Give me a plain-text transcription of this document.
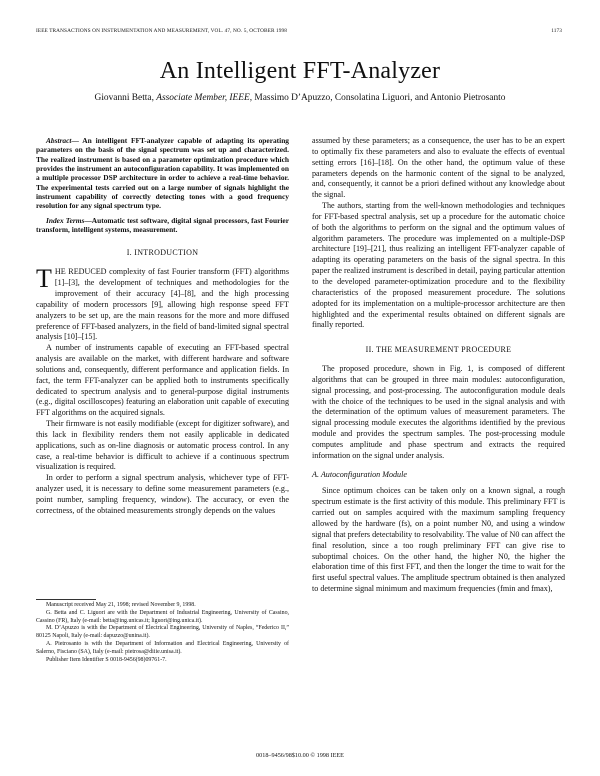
IEEE TRANSACTIONS ON INSTRUMENTATION AND MEASUREMENT, VOL. 47, NO. 5, OCTOBER 1998	1173
An Intelligent FFT-Analyzer
Giovanni Betta, Associate Member, IEEE, Massimo D’Apuzzo, Consolatina Liguori, and Antonio Pietrosanto
Abstract— An intelligent FFT-analyzer capable of adapting its operating parameters on the basis of the signal spectrum was set up and characterized. The realized instrument is based on a parameter optimization procedure which provides the instrument an autoconfiguration capability. It was implemented on a multiple processor DSP architecture in order to achieve a real-time behavior. The experimental tests carried out on a large number of signals highlight the instrument capability of correctly detecting tones with a good frequency resolution for any signal spectrum type.
Index Terms—Automatic test software, digital signal processors, fast Fourier transform, intelligent systems, measurement.
I. INTRODUCTION

THE REDUCED complexity of fast Fourier transform (FFT) algorithms [1]–[3], the development of techniques and methodologies for the improvement of their accuracy [4]–[8], and the high processing capability of modern processors [9], allowing high response speed FFT analyzers to be set up, are the main reasons for the more and more diffused preference of FFT-based analyzers, in the field of band-limited signal spectral analysis [10]–[15].

A number of instruments capable of executing an FFT-based spectral analysis are available on the market, with different hardware and software solutions and, consequently, different performance and application fields. In fact, the term FFT-analyzer can be applied both to instruments specifically dedicated to spectrum analysis and to general-purpose digital instruments (e.g., digital oscilloscopes) featuring an elaboration unit capable of executing FFT algorithms on the acquired signals.

Their firmware is not easily modifiable (except for digitizer software), and this lack in flexibility renders them not easily applicable in dedicated applications, such as on-line diagnosis or automatic process control. In any case, a real-time behavior is difficult to achieve if a continuous spectrum visualization is required.

In order to perform a signal spectrum analysis, whichever type of FFT-analyzer used, it is necessary to define some measurement parameters (e.g., point number, sampling frequency, window). The accuracy, or even the correctness, of the obtained measurements strongly depends on the values

Manuscript received May 21, 1998; revised November 9, 1998.

G. Betta and C. Liguori are with the Department of Industrial Engineering, University of Cassino, Cassino (FR), Italy (e-mail: betta@ing.unicas.it; liguori@ing.unica.it).

M. D’Apuzzo is with the Department of Electrical Engineering, University of Naples, “Federico II,” 80125 Napoli, Italy (e-mail: dapuzzo@unina.it).

A. Pietrosanto is with the Department of Information and Electrical Engineering, University of Salerno, Fisciano (SA), Italy (e-mail: pietrosa@diiie.unisa.it).

Publisher Item Identifier S 0018-9456(98)09761-7.

assumed by these parameters; as a consequence, the user has to be an expert to optimally fix these parameters and also to evaluate the effects of eventual setting errors [16]–[18]. On the other hand, the optimum value of these parameters depends on the harmonic content of the signal to be analyzed, and, consequently, it cannot be a priori defined without any knowledge about the signal.

The authors, starting from the well-known methodologies and techniques for FFT-based spectral analysis, set up a procedure for the automatic choice of both the algorithms to perform on the signal and the optimum values of algorithm parameters. The procedure was implemented on a multiple-DSP architecture [19]–[21], thus realizing an intelligent FFT-analyzer capable of adapting its operating parameters on the basis of the signal spectra. In this paper the realized instrument is described in detail, paying particular attention to the developed parameter-optimization procedure and to the flexibility characteristics of the proposed measurement procedure. The solutions adopted for its implementation on a multiple-processor architecture are then highlighted and the experimental results obtained on different signals are finally reported.

II. THE MEASUREMENT PROCEDURE

The proposed procedure, shown in Fig. 1, is composed of different algorithms that can be grouped in three main modules: autoconfiguration, signal processing, and post-processing. The autoconfiguration module deals with the choice of the techniques to be used in the signal analysis and with the determination of the optimum values of measurement parameters. The signal processing module executes the algorithms identified by the previous module and provides the spectrum samples. The post-processing module computes amplitude and phase spectrum and extracts the required information on the signal under analysis.

A. Autoconfiguration Module

Since optimum choices can be taken only on a known signal, a rough spectrum estimate is the first activity of this module. This preliminary FFT is carried out on samples acquired with the maximum sampling frequency allowed by the hardware (fs), on a point number N0, and using a window signal that prefers detectability to resolvability. The value of N0 can affect the final resolution, since a too rough preliminary FFT can give rise to suboptimal choices. On the other hand, the higher N0, the higher the elaboration time of this first FFT, and then the longer the time to wait for the first useful spectral values. The amplitude spectrum obtained is then analyzed to determine signal minimum and maximum frequencies (fmin and fmax),

0018–9456/98$10.00 © 1998 IEEE
